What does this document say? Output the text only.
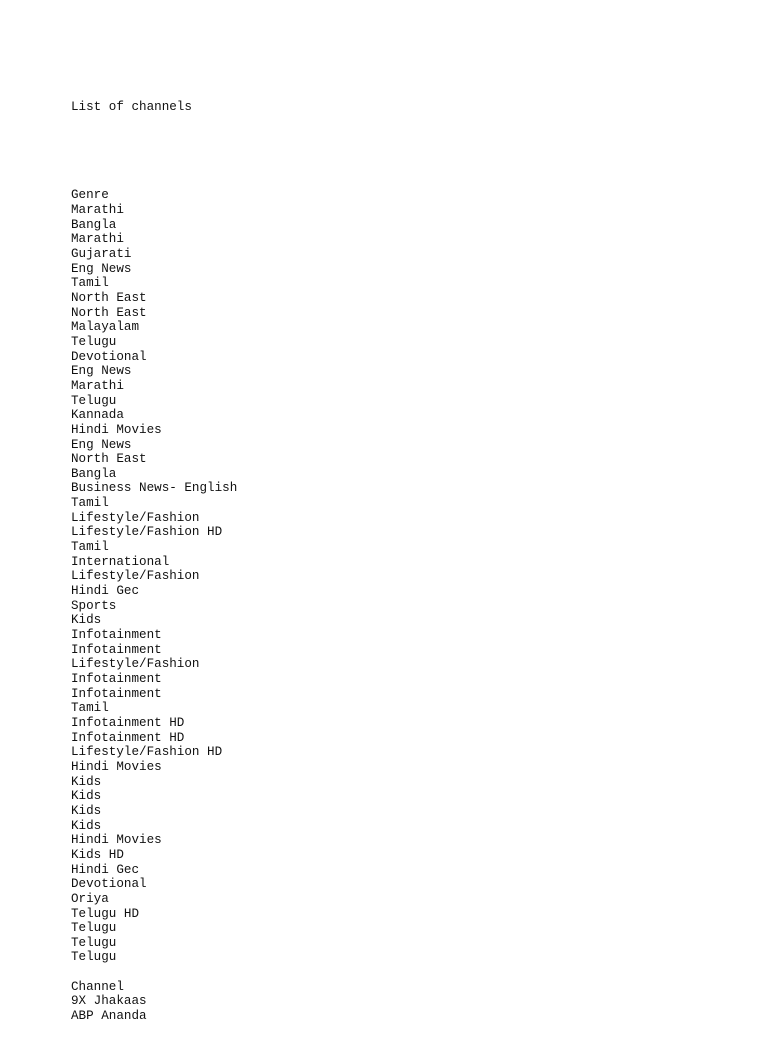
List of channels

Genre
Marathi
Bangla
Marathi
Gujarati
Eng News
Tamil
North East
North East
Malayalam
Telugu
Devotional
Eng News
Marathi
Telugu
Kannada
Hindi Movies
Eng News
North East
Bangla
Business News- English
Tamil
Lifestyle/Fashion
Lifestyle/Fashion HD
Tamil
International
Lifestyle/Fashion
Hindi Gec
Sports
Kids
Infotainment
Infotainment
Lifestyle/Fashion
Infotainment
Infotainment
Tamil
Infotainment HD
Infotainment HD
Lifestyle/Fashion HD
Hindi Movies
Kids
Kids
Kids
Kids
Hindi Movies
Kids HD
Hindi Gec
Devotional
Oriya
Telugu HD
Telugu
Telugu
Telugu
Channel
9X Jhakaas
ABP Ananda
